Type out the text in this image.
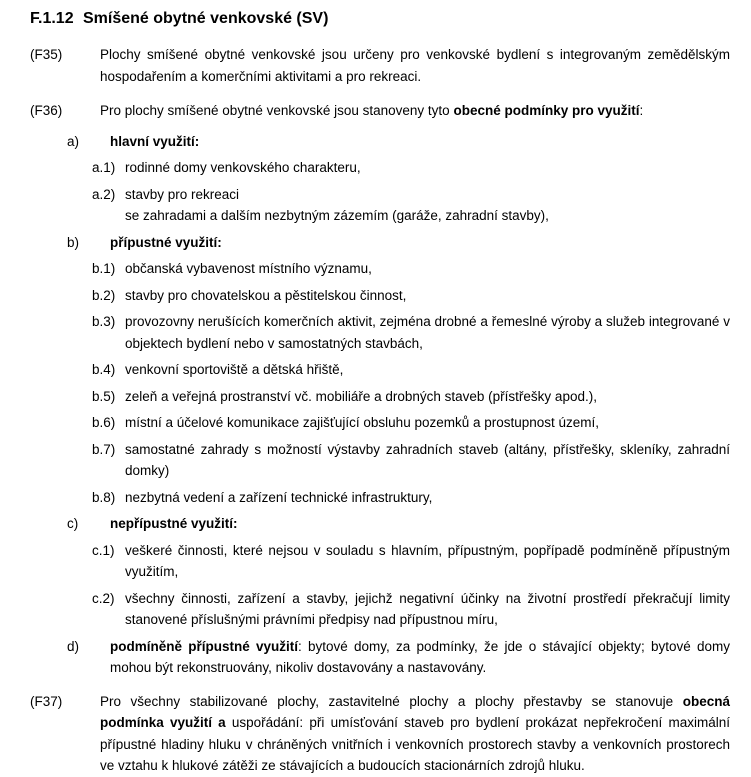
F.1.12 Smíšené obytné venkovské (SV)
(F35)	Plochy smíšené obytné venkovské jsou určeny pro venkovské bydlení s integrovaným zemědělským hospodařením a komerčními aktivitami a pro rekreaci.
(F36)	Pro plochy smíšené obytné venkovské jsou stanoveny tyto obecné podmínky pro využití:
a)	hlavní využití:
a.1) rodinné domy venkovského charakteru,
a.2) stavby pro rekreaci
se zahradami a dalším nezbytným zázemím (garáže, zahradní stavby),
b)	přípustné využití:
b.1) občanská vybavenost místního významu,
b.2) stavby pro chovatelskou a pěstitelskou činnost,
b.3) provozovny nerušících komerčních aktivit, zejména drobné a řemeslné výroby a služeb integrované v objektech bydlení nebo v samostatných stavbách,
b.4) venkovní sportoviště a dětská hřiště,
b.5) zeleň a veřejná prostranství vč. mobiliáře a drobných staveb (přístřešky apod.),
b.6) místní a účelové komunikace zajišťující obsluhu pozemků a prostupnost území,
b.7) samostatné zahrady s možností výstavby zahradních staveb (altány, přístřešky, skleníky, zahradní domky)
b.8) nezbytná vedení a zařízení technické infrastruktury,
c)	nepřípustné využití:
c.1) veškeré činnosti, které nejsou v souladu s hlavním, přípustným, popřípadě podmíněně přípustným využitím,
c.2) všechny činnosti, zařízení a stavby, jejichž negativní účinky na životní prostředí překračují limity stanovené příslušnými právními předpisy nad přípustnou míru,
d)	podmíněně přípustné využití: bytové domy, za podmínky, že jde o stávající objekty; bytové domy mohou být rekonstruovány, nikoliv dostavovány a nastavovány.
(F37)	Pro všechny stabilizované plochy, zastavitelné plochy a plochy přestavby se stanovuje obecná podmínka využití a uspořádání: při umísťování staveb pro bydlení prokázat nepřekročení maximální přípustné hladiny hluku v chráněných vnitřních i venkovních prostorech stavby a venkovních prostorech ve vztahu k hlukové zátěži ze stávajících a budoucích stacionárních zdrojů hluku.
